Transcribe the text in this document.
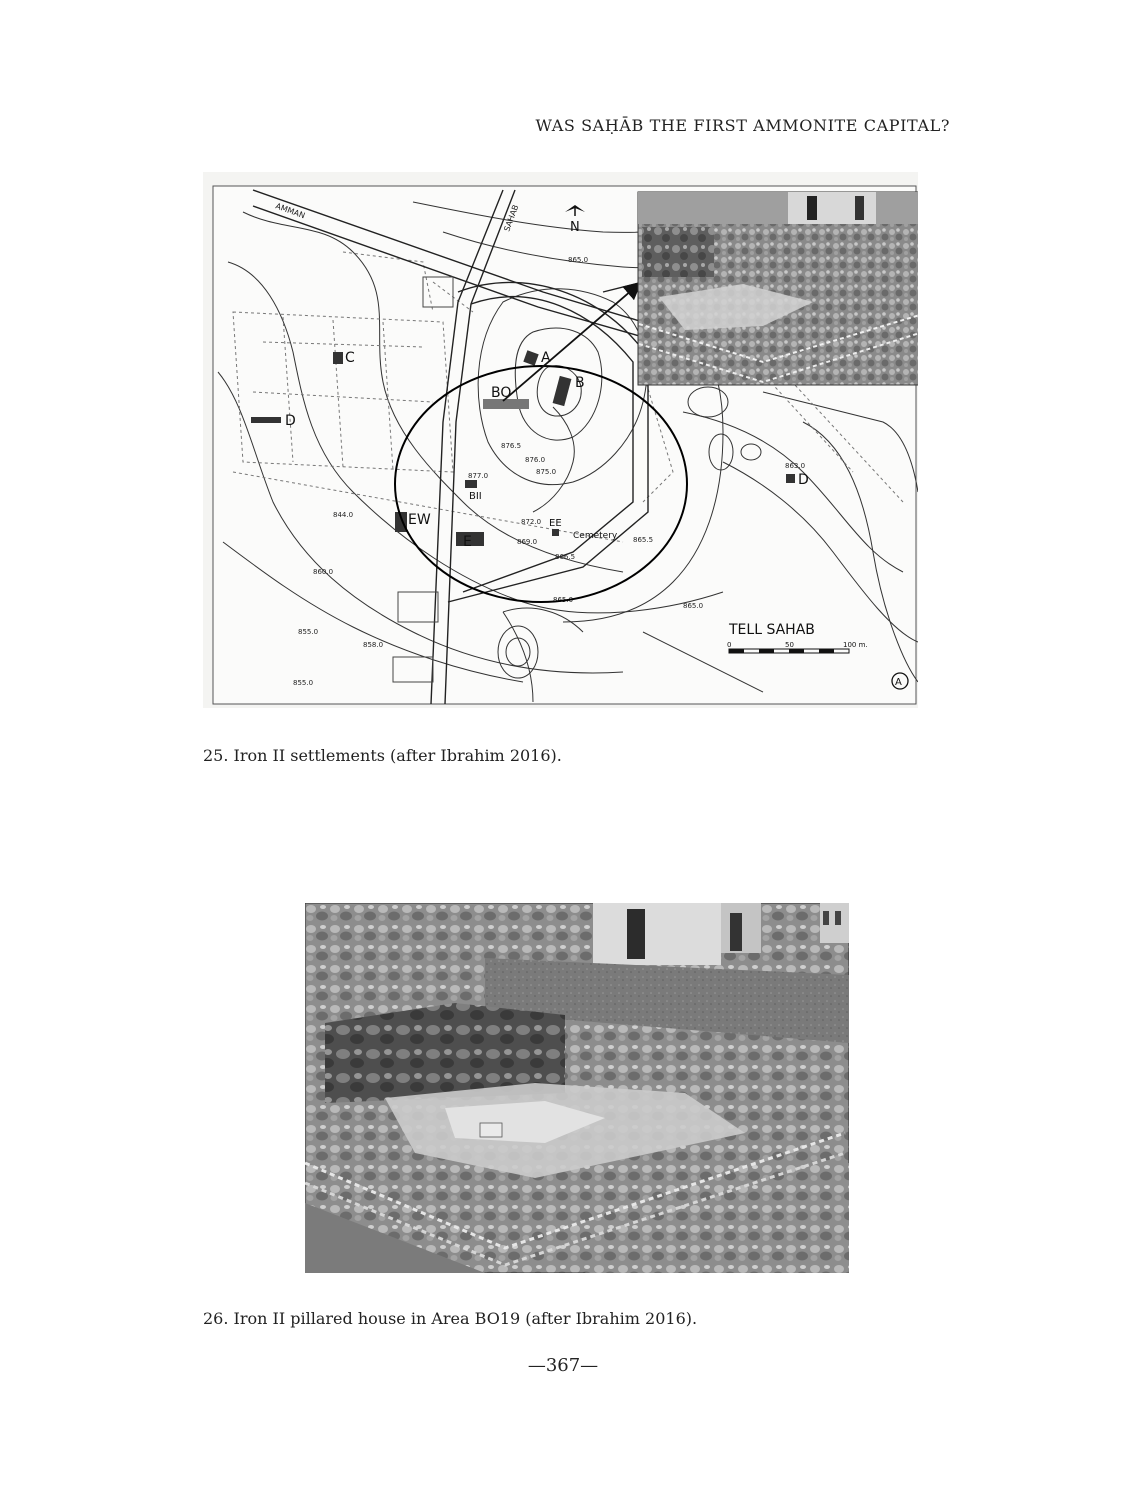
WAS SAḤĀB THE FIRST AMMONITE CAPITAL?
C	A
B
BO
D
D
E
EW	EE
BII
Cemetery
865.0
876.5
877.0
876.0
875.0
872.0
869.0
866.5
865.5
865.0
865.0
863.0
860.0
855.0
858.0
855.0
844.0
AMMAN	SAHAB	N
TELL SAHAB
0	50	100 m.
A
25. Iron II settlements (after Ibrahim 2016).
26. Iron II pillared house in Area BO19 (after Ibrahim 2016).
—367—
